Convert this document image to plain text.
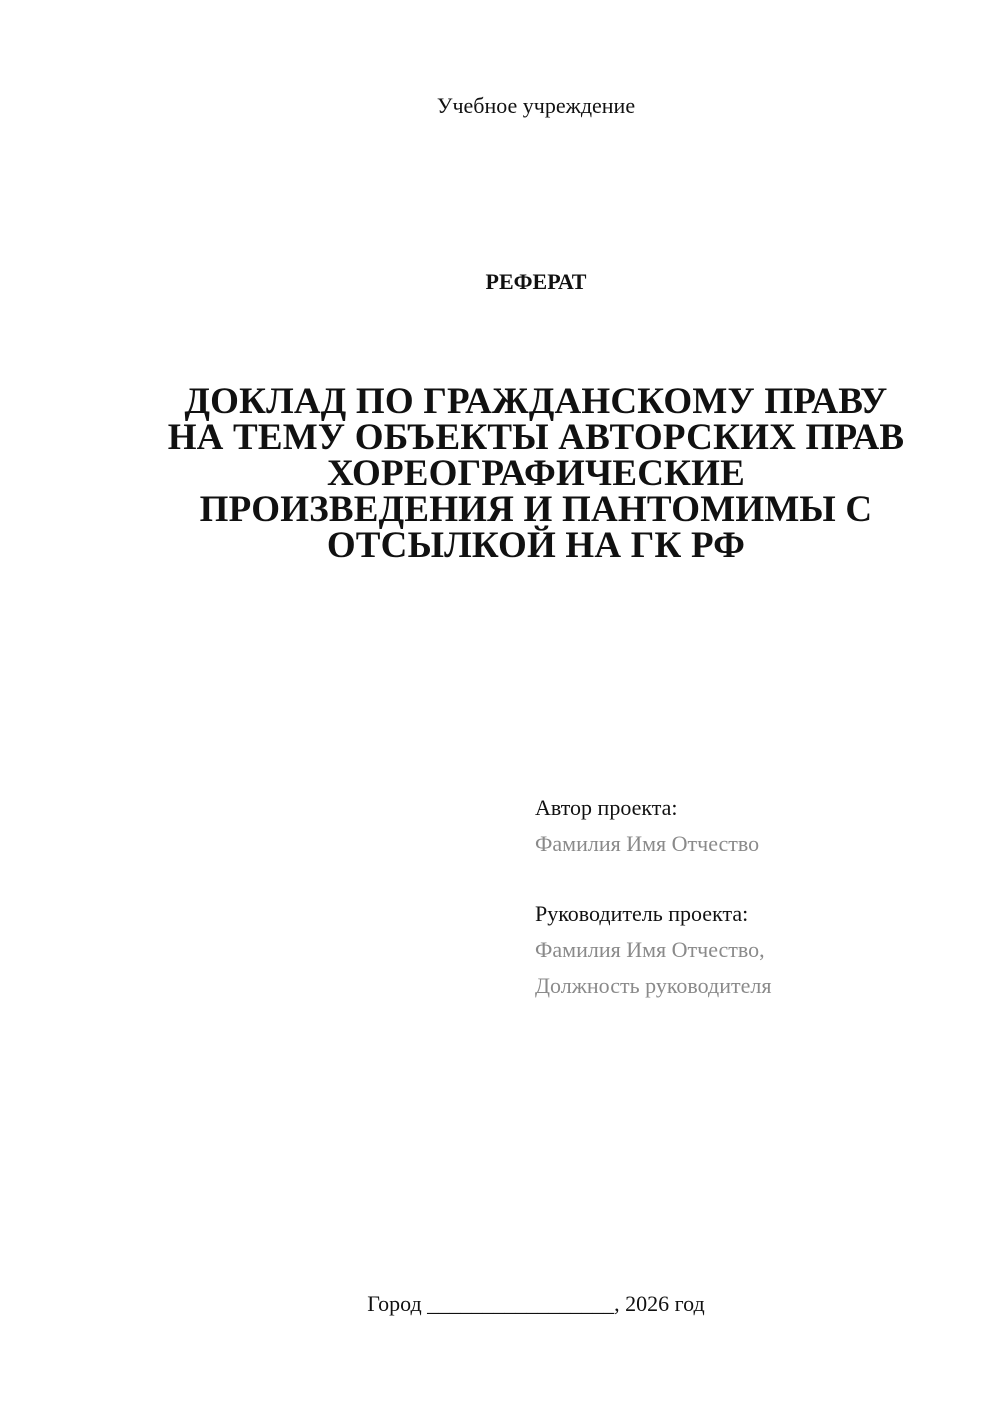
Учебное учреждение
РЕФЕРАТ
ДОКЛАД ПО ГРАЖДАНСКОМУ ПРАВУ
НА ТЕМУ ОБЪЕКТЫ АВТОРСКИХ ПРАВ
ХОРЕОГРАФИЧЕСКИЕ
ПРОИЗВЕДЕНИЯ И ПАНТОМИМЫ С
ОТСЫЛКОЙ НА ГК РФ
Автор проекта:
Фамилия Имя Отчество
Руководитель проекта:
Фамилия Имя Отчество,
Должность руководителя
Город _________________, 2026 год
